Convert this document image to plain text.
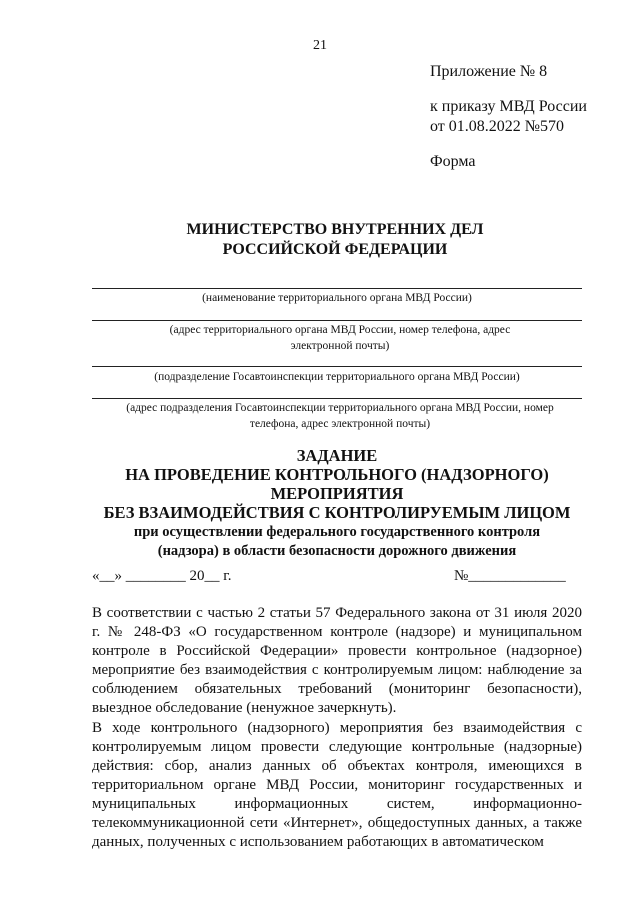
21
Приложение № 8
к приказу МВД России
от 01.08.2022 №570
Форма
МИНИСТЕРСТВО ВНУТРЕННИХ ДЕЛ
РОССИЙСКОЙ ФЕДЕРАЦИИ
(наименование территориального органа МВД России)
(адрес территориального органа МВД России, номер телефона, адрес электронной почты)
(подразделение Госавтоинспекции территориального органа МВД России)
(адрес подразделения Госавтоинспекции территориального органа МВД России, номер телефона, адрес электронной почты)
ЗАДАНИЕ
НА ПРОВЕДЕНИЕ КОНТРОЛЬНОГО (НАДЗОРНОГО)
МЕРОПРИЯТИЯ
БЕЗ ВЗАИМОДЕЙСТВИЯ С КОНТРОЛИРУЕМЫМ ЛИЦОМ
при осуществлении федерального государственного контроля
(надзора) в области безопасности дорожного движения
«__» ________ 20__ г.	№_____________
В соответствии с частью 2 статьи 57 Федерального закона от 31 июля 2020 г. № 248-ФЗ «О государственном контроле (надзоре) и муниципальном контроле в Российской Федерации» провести контрольное (надзорное) мероприятие без взаимодействия с контролируемым лицом: наблюдение за соблюдением обязательных требований (мониторинг безопасности), выездное обследование (ненужное зачеркнуть).
В ходе контрольного (надзорного) мероприятия без взаимодействия с контролируемым лицом провести следующие контрольные (надзорные) действия: сбор, анализ данных об объектах контроля, имеющихся в территориальном органе МВД России, мониторинг государственных и муниципальных информационных систем, информационно-телекоммуникационной сети «Интернет», общедоступных данных, а также данных, полученных с использованием работающих в автоматическом
